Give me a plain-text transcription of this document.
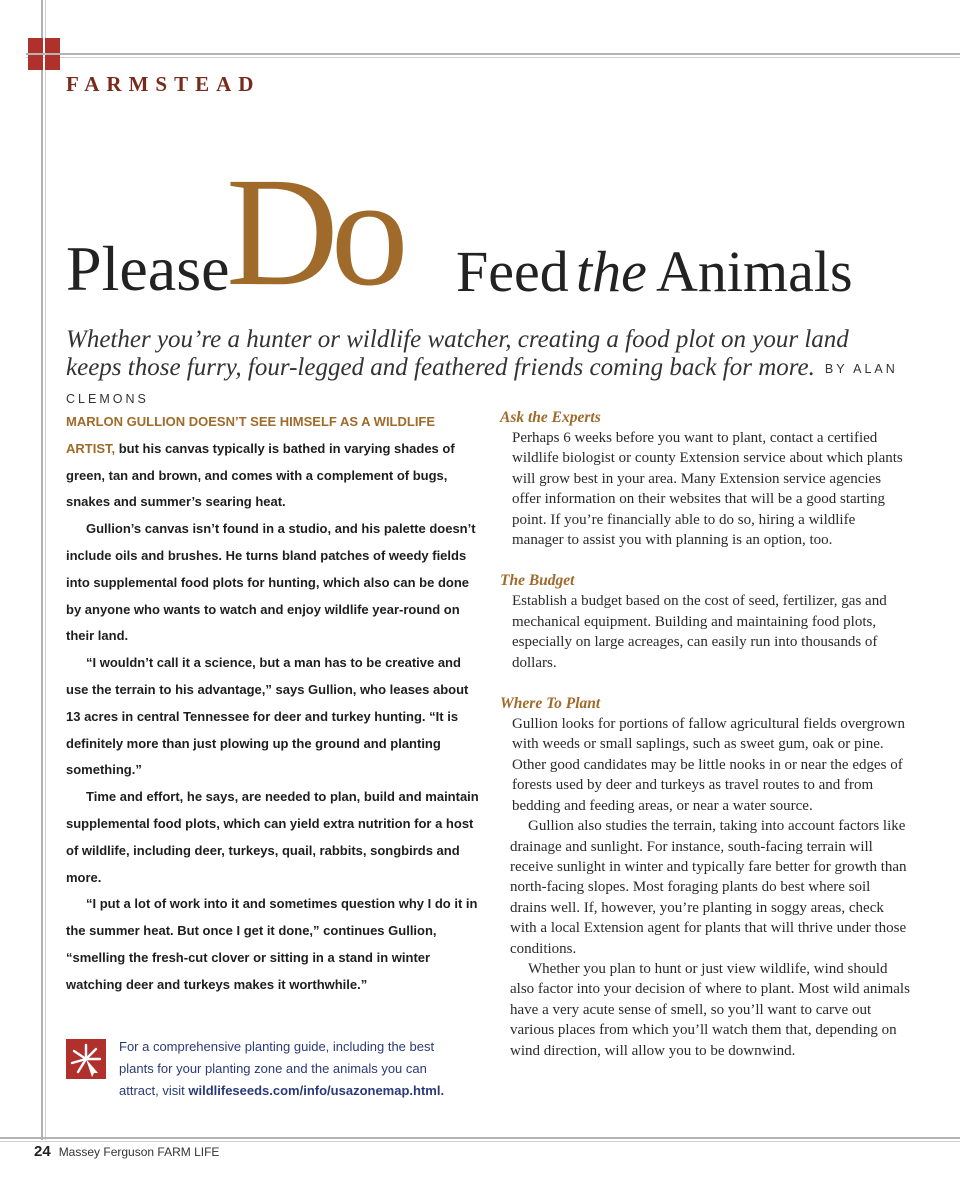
FARMSTEAD
Please
Do Feed the Animals
Whether you’re a hunter or wildlife watcher, creating a food plot on your land keeps those furry, four-legged and feathered friends coming back for more. BY ALAN CLEMONS

MARLON GULLION DOESN’T SEE HIMSELF AS A WILDLIFE ARTIST, but his canvas typically is bathed in varying shades of green, tan and brown, and comes with a complement of bugs, snakes and summer’s searing heat.

Gullion’s canvas isn’t found in a studio, and his palette doesn’t include oils and brushes. He turns bland patches of weedy fields into supplemental food plots for hunting, which also can be done by anyone who wants to watch and enjoy wildlife year-round on their land.

“I wouldn’t call it a science, but a man has to be creative and use the terrain to his advantage,” says Gullion, who leases about 13 acres in central Tennessee for deer and turkey hunting. “It is definitely more than just plowing up the ground and planting something.”

Time and effort, he says, are needed to plan, build and maintain supplemental food plots, which can yield extra nutrition for a host of wildlife, including deer, turkeys, quail, rabbits, songbirds and more.

“I put a lot of work into it and sometimes question why I do it in the summer heat. But once I get it done,” continues Gullion, “smelling the fresh-cut clover or sitting in a stand in winter watching deer and turkeys makes it worthwhile.”

For a comprehensive planting guide, including the best plants for your planting zone and the animals you can attract, visit wildlifeseeds.com/info/usazonemap.html.
Ask the Experts

Perhaps 6 weeks before you want to plant, contact a certified wildlife biologist or county Extension service about which plants will grow best in your area. Many Extension service agencies offer information on their websites that will be a good starting point. If you’re financially able to do so, hiring a wildlife manager to assist you with planning is an option, too.

The Budget

Establish a budget based on the cost of seed, fertilizer, gas and mechanical equipment. Building and maintaining food plots, especially on large acreages, can easily run into thousands of dollars.

Where To Plant

Gullion looks for portions of fallow agricultural fields overgrown with weeds or small saplings, such as sweet gum, oak or pine. Other good candidates may be little nooks in or near the edges of forests used by deer and turkeys as travel routes to and from bedding and feeding areas, or near a water source.

Gullion also studies the terrain, taking into account factors like drainage and sunlight. For instance, south-facing terrain will receive sunlight in winter and typically fare better for growth than north-facing slopes. Most foraging plants do best where soil drains well. If, however, you’re planting in soggy areas, check with a local Extension agent for plants that will thrive under those conditions.

Whether you plan to hunt or just view wildlife, wind should also factor into your decision of where to plant. Most wild animals have a very acute sense of smell, so you’ll want to carve out various places from which you’ll watch them that, depending on wind direction, will allow you to be downwind.

24 Massey Ferguson FARM LIFE
